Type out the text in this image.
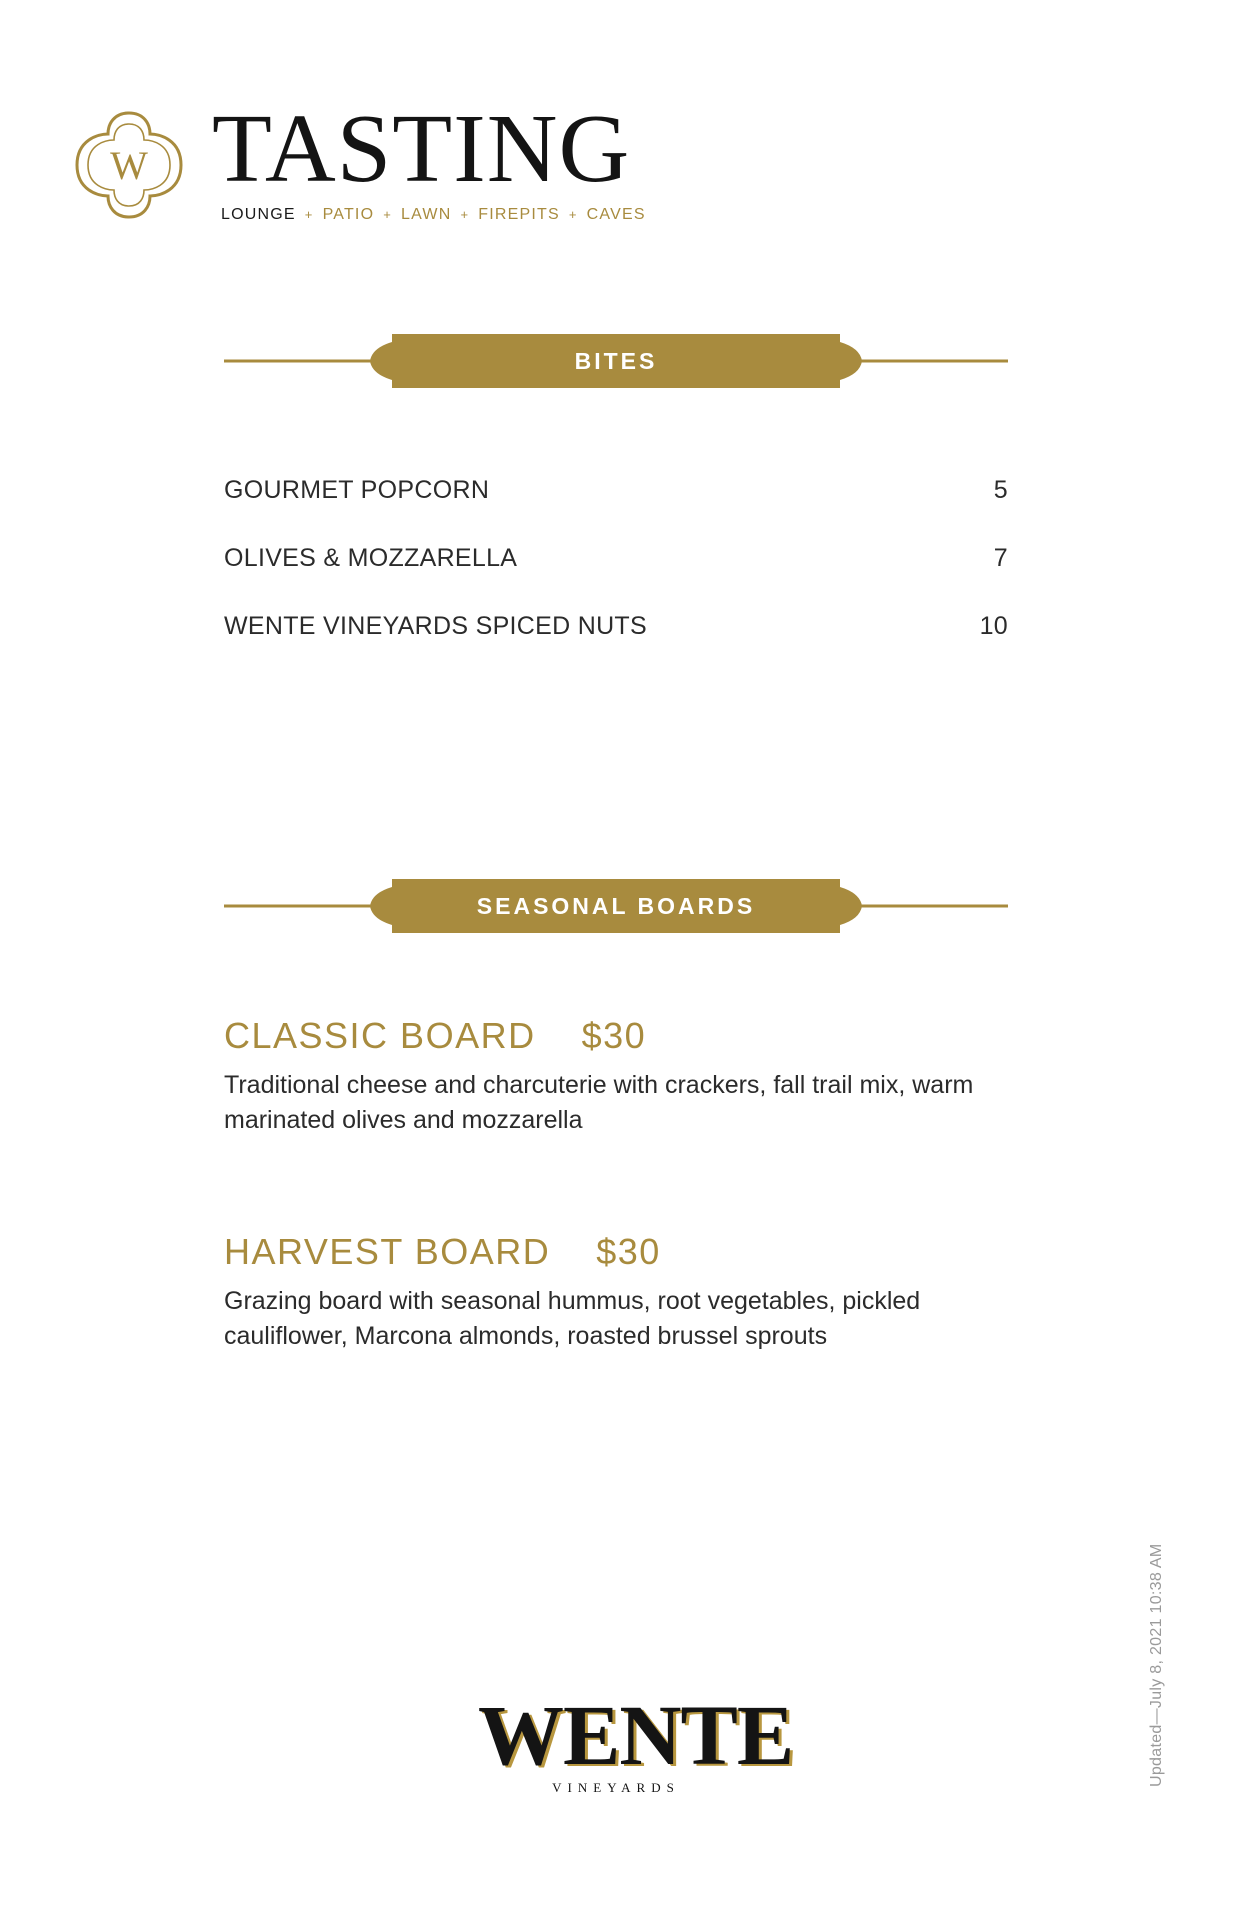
W TASTING
LOUNGE + PATIO + LAWN + FIREPITS + CAVES
BITES
GOURMET POPCORN	5
OLIVES & MOZZARELLA	7
WENTE VINEYARDS SPICED NUTS	10
SEASONAL BOARDS
CLASSIC BOARD $30
Traditional cheese and charcuterie with crackers, fall trail mix, warm marinated olives and mozzarella
HARVEST BOARD $30
Grazing board with seasonal hummus, root vegetables, pickled cauliflower, Marcona almonds, roasted brussel sprouts
WENTE
VINEYARDS
Updated—July 8, 2021 10:38 AM
